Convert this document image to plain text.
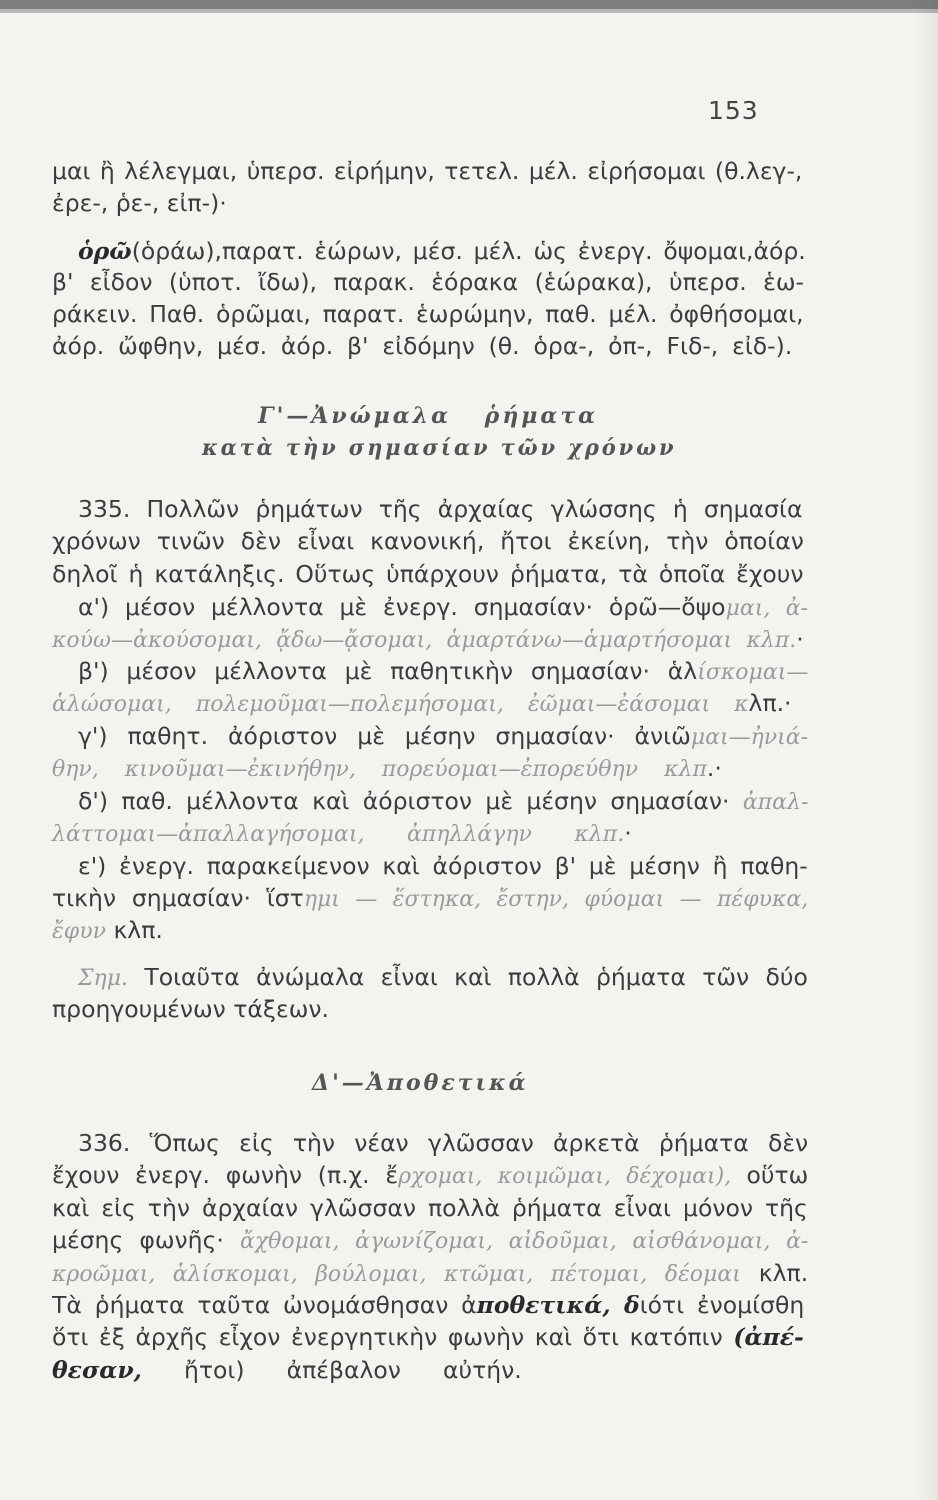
153
μαι ἢ λέλεγμαι, ὑπερσ. εἰρήμην, τετελ. μέλ. εἰρήσομαι (θ.λεγ-,
ἐρε-, ῥε-, εἰπ-)·
ὁρῶ(ὁράω),παρατ. ἑώρων, μέσ. μέλ. ὡς ἐνεργ. ὄψομαι,ἀόρ.
β' εἶδον (ὑποτ. ἴδω), παρακ. ἑόρακα (ἑώρακα), ὑπερσ. ἑω-
ράκειν. Παθ. ὁρῶμαι, παρατ. ἑωρώμην, παθ. μέλ. ὀφθήσομαι,
ἀόρ. ὤφθην, μέσ. ἀόρ. β' εἰδόμην (θ. ὁρα-, ὀπ-, Ϝιδ-, εἰδ-).
Γ'—Ἀνώμαλα ῥήματα
κατὰ τὴν σημασίαν τῶν χρόνων
335. Πολλῶν ῥημάτων τῆς ἀρχαίας γλώσσης ἡ σημασία
χρόνων τινῶν δὲν εἶναι κανονική, ἤτοι ἐκείνη, τὴν ὁποίαν
δηλοῖ ἡ κατάληξις. Οὕτως ὑπάρχουν ῥήματα, τὰ ὁποῖα ἔχουν
α') μέσον μέλλοντα μὲ ἐνεργ. σημασίαν· ὁρῶ—ὄψομαι, ἀ-
κούω—ἀκούσομαι, ᾄδω—ᾄσομαι, ἁμαρτάνω—ἁμαρτήσομαι κλπ.·
β') μέσον μέλλοντα μὲ παθητικὴν σημασίαν· ἁλίσκομαι—
ἁλώσομαι, πολεμοῦμαι—πολεμήσομαι, ἐῶμαι—ἐάσομαι κλπ.·
γ') παθητ. ἀόριστον μὲ μέσην σημασίαν· ἀνιῶμαι—ἠνιά-
θην, κινοῦμαι—ἐκινήθην, πορεύομαι—ἐπορεύθην κλπ.·
δ') παθ. μέλλοντα καὶ ἀόριστον μὲ μέσην σημασίαν· ἀπαλ-
λάττομαι—ἀπαλλαγήσομαι, ἀπηλλάγην κλπ.·
ε') ἐνεργ. παρακείμενον καὶ ἀόριστον β' μὲ μέσην ἢ παθη-
τικὴν σημασίαν· ἵστημι — ἕστηκα, ἔστην, φύομαι — πέφυκα,
ἔφυν κλπ.
Σημ. Τοιαῦτα ἀνώμαλα εἶναι καὶ πολλὰ ῥήματα τῶν δύο
προηγουμένων τάξεων.
Δ'—Ἀποθετικά
336. Ὅπως εἰς τὴν νέαν γλῶσσαν ἀρκετὰ ῥήματα δὲν
ἔχουν ἐνεργ. φωνὴν (π.χ. ἔρχομαι, κοιμῶμαι, δέχομαι), οὕτω
καὶ εἰς τὴν ἀρχαίαν γλῶσσαν πολλὰ ῥήματα εἶναι μόνον τῆς
μέσης φωνῆς· ἄχθομαι, ἀγωνίζομαι, αἰδοῦμαι, αἰσθάνομαι, ἀ-
κροῶμαι, ἁλίσκομαι, βούλομαι, κτῶμαι, πέτομαι, δέομαι κλπ.
Τὰ ῥήματα ταῦτα ὠνομάσθησαν ἀποθετικά, διότι ἐνομίσθη
ὅτι ἐξ ἀρχῆς εἶχον ἐνεργητικὴν φωνὴν καὶ ὅτι κατόπιν (ἀπέ-
θεσαν, ἤτοι) ἀπέβαλον αὐτήν.
